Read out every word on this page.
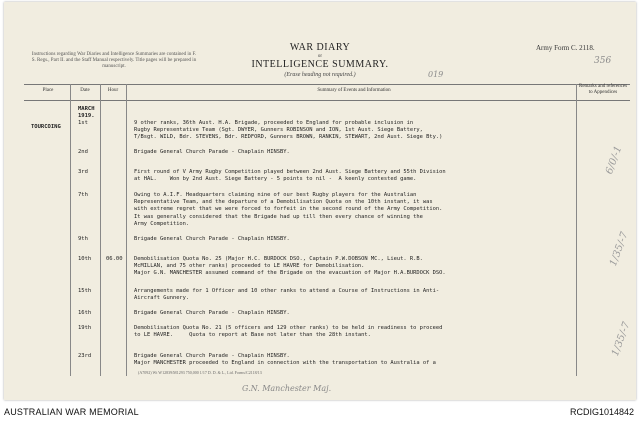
Instructions regarding War Diaries and Intelligence Summaries are contained in F. S. Regs., Part II. and the Staff Manual respectively. Title pages will be prepared in manuscript.
WAR DIARY
or
INTELLIGENCE SUMMARY.
(Erase heading not required.)
Army Form C. 2118.
356
019
Place	Date	Hour	Summary of Events and Information
Remarks and references to Appendices
TOURCOING
MARCH
1919.
1st	9 other ranks, 36th Aust. H.A. Brigade, proceeded to England for probable inclusion in
Rugby Representative Team (Sgt. DWYER, Gunners ROBINSON and ION, 1st Aust. Siege Battery,
T/Bsgt. WILD, Bdr. STEVENS, Bdr. REDFORD, Gunners BROWN, RANKIN, STEWART, 2nd Aust. Siege Bty.)
2nd	Brigade General Church Parade - Chaplain HINSBY.
3rd	First round of V Army Rugby Competition played between 2nd Aust. Siege Battery and 55th Division
at HAL.    Won by 2nd Aust. Siege Battery - 5 points to nil -  A keenly contested game.
7th	Owing to A.I.F. Headquarters claiming nine of our best Rugby players for the Australian
Representative Team, and the departure of a Demobilisation Quota on the 10th instant, it was
with extreme regret that we were forced to forfeit in the second round of the Army Competition.
It was generally considered that the Brigade had up till then every chance of winning the
Army Competition.
9th	Brigade General Church Parade - Chaplain HINSBY.
10th	06.00 Demobilisation Quota No. 25 (Major H.C. BURDOCK DSO., Captain P.W.DOBSON MC., Lieut. R.B.
McMILLAN, and 75 other ranks) proceeded to LE HAVRE for Demobilisation.
Major G.N. MANCHESTER assumed command of the Brigade on the evacuation of Major H.A.BURDOCK DSO.
15th	Arrangements made for 1 Officer and 10 other ranks to attend a Course of Instructions in Anti-
Aircraft Gunnery.
16th	Brigade General Church Parade - Chaplain HINSBY.
19th	Demobilisation Quota No. 21 (5 officers and 129 other ranks) to be held in readiness to proceed
to LE HAVRE.     Quota to report at Base not later than the 28th instant.
23rd	Brigade General Church Parade - Chaplain HINSBY.
Major MANCHESTER proceeded to England in connection with the transportation to Australia of a
(A7092) Wt W12839/M1293 750,000 1/17 D. D. & L., Ltd. Forms/C2118/13
G.N. Manchester Maj.
6/0/-1
1/35/-7
1/35/-7
AUSTRALIAN WAR MEMORIAL	RCDIG1014842
